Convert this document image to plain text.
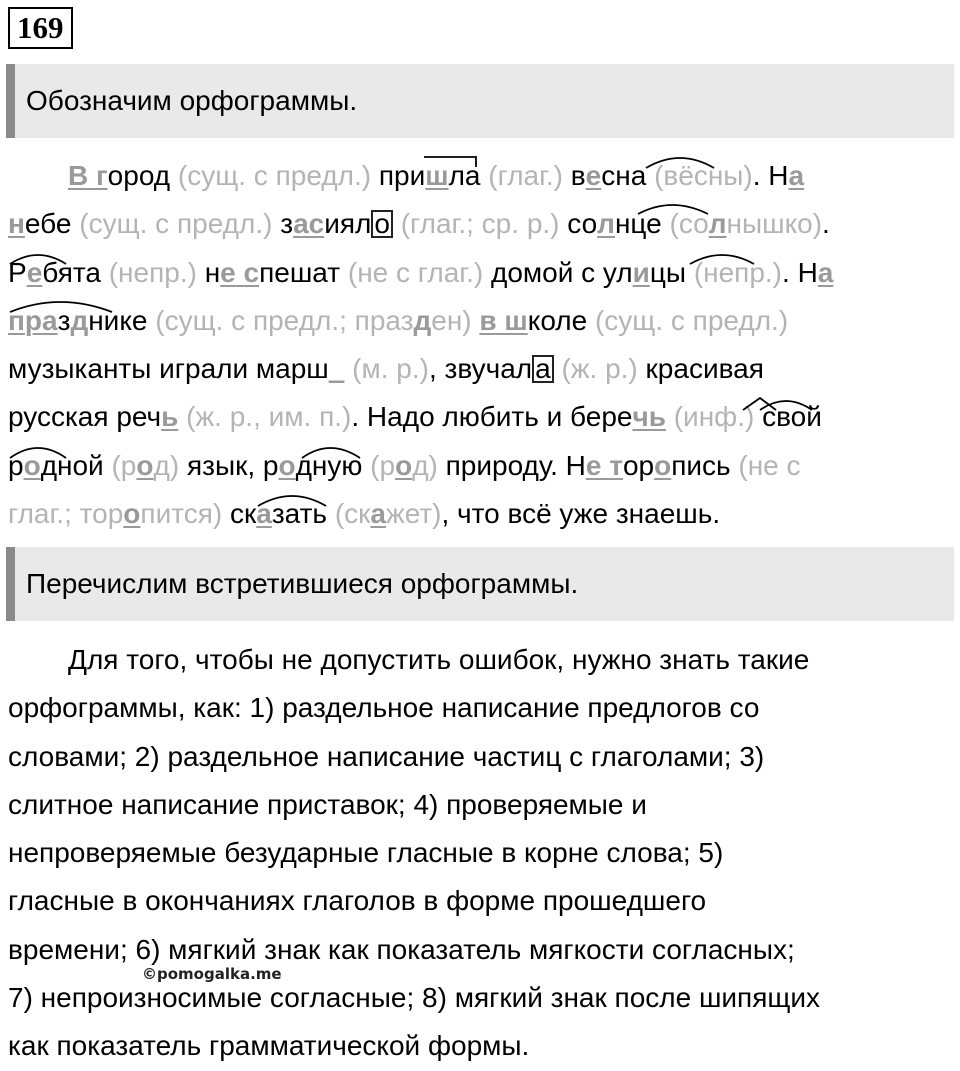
169
Обозначим орфограммы.
В город (сущ. с предл.) пришла (глаг.) весна (вёсны). На
небе (сущ. с предл.) засиял о (глаг.; ср. р.) солнце (солнышко).
Ребята (непр.) не спешат (не с глаг.) домой с улицы (непр.). На
празднике (сущ. с предл.; празден) в школе (сущ. с предл.)
музыканты играли марш_ (м. р.), звучал а (ж. р.) красивая
русская речь (ж. р., им. п.). Надо любить и беречь (инф.) свой
родной (род) язык, родную (род) природу. Не торопись (не с
глаг.; торопится) сказать (скажет), что всё уже знаешь.
Перечислим встретившиеся орфограммы.
Для того, чтобы не допустить ошибок, нужно знать такие
орфограммы, как: 1) раздельное написание предлогов со
словами; 2) раздельное написание частиц с глаголами; 3)
слитное написание приставок; 4) проверяемые и
непроверяемые безударные гласные в корне слова; 5)
гласные в окончаниях глаголов в форме прошедшего
времени; 6) мягкий знак как показатель мягкости согласных;
7) непроизносимые согласные; 8) мягкий знак после шипящих
как показатель грамматической формы.
©pomogalka.me
